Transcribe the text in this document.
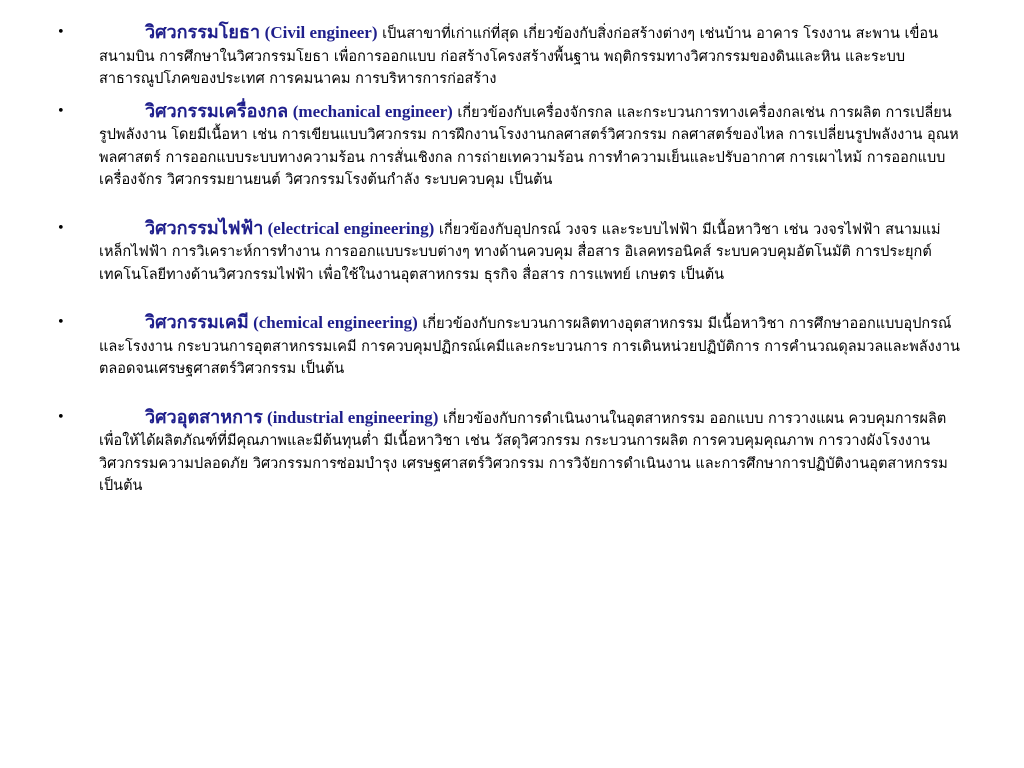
•	วิศวกรรมโยธา (Civil engineer) เป็นสาขาที่เก่าแก่ที่สุด เกี่ยวข้องกับสิ่งก่อสร้างต่างๆ เช่นบ้าน อาคาร โรงงาน สะพาน เขื่อน สนามบิน การศึกษาในวิศวกรรมโยธา เพื่อการออกแบบ ก่อสร้างโครงสร้างพื้นฐาน พฤติกรรมทางวิศวกรรมของดินและหิน และระบบสาธารณูปโภคของประเทศ การคมนาคม การบริหารการก่อสร้าง
•	วิศวกรรมเครื่องกล (mechanical engineer) เกี่ยวข้องกับเครื่องจักรกล และกระบวนการทางเครื่องกลเช่น การผลิต การเปลี่ยนรูปพลังงาน โดยมีเนื้อหา เช่น การเขียนแบบวิศวกรรม การฝึกงานโรงงานกลศาสตร์วิศวกรรม กลศาสตร์ของไหล การเปลี่ยนรูปพลังงาน อุณหพลศาสตร์ การออกแบบระบบทางความร้อน การสั่นเชิงกล การถ่ายเทความร้อน การทำความเย็นและปรับอากาศ การเผาไหม้ การออกแบบเครื่องจักร วิศวกรรมยานยนต์ วิศวกรรมโรงต้นกำลัง ระบบควบคุม เป็นต้น
•	วิศวกรรมไฟฟ้า (electrical engineering) เกี่ยวข้องกับอุปกรณ์ วงจร และระบบไฟฟ้า มีเนื้อหาวิชา เช่น วงจรไฟฟ้า สนามแม่เหล็กไฟฟ้า การวิเคราะห์การทำงาน การออกแบบระบบต่างๆ ทางด้านควบคุม สื่อสาร อิเลคทรอนิคส์ ระบบควบคุมอัตโนมัติ การประยุกต์เทคโนโลยีทางด้านวิศวกรรมไฟฟ้า เพื่อใช้ในงานอุตสาหกรรม ธุรกิจ สื่อสาร การแพทย์ เกษตร เป็นต้น
•	วิศวกรรมเคมี (chemical engineering) เกี่ยวข้องกับกระบวนการผลิตทางอุตสาหกรรม มีเนื้อหาวิชา การศึกษาออกแบบอุปกรณ์และโรงงาน กระบวนการอุตสาหกรรมเคมี การควบคุมปฏิกรณ์เคมีและกระบวนการ การเดินหน่วยปฏิบัติการ การคำนวณดุลมวลและพลังงาน ตลอดจนเศรษฐศาสตร์วิศวกรรม เป็นต้น
•	วิศวอุตสาหการ (industrial engineering) เกี่ยวข้องกับการดำเนินงานในอุตสาหกรรม ออกแบบ การวางแผน ควบคุมการผลิต เพื่อให้ได้ผลิตภัณฑ์ที่มีคุณภาพและมีต้นทุนต่ำ มีเนื้อหาวิชา เช่น วัสดุวิศวกรรม กระบวนการผลิต การควบคุมคุณภาพ การวางผังโรงงาน วิศวกรรมความปลอดภัย วิศวกรรมการซ่อมบำรุง เศรษฐศาสตร์วิศวกรรม การวิจัยการดำเนินงาน และการศึกษาการปฏิบัติงานอุตสาหกรรม เป็นต้น
